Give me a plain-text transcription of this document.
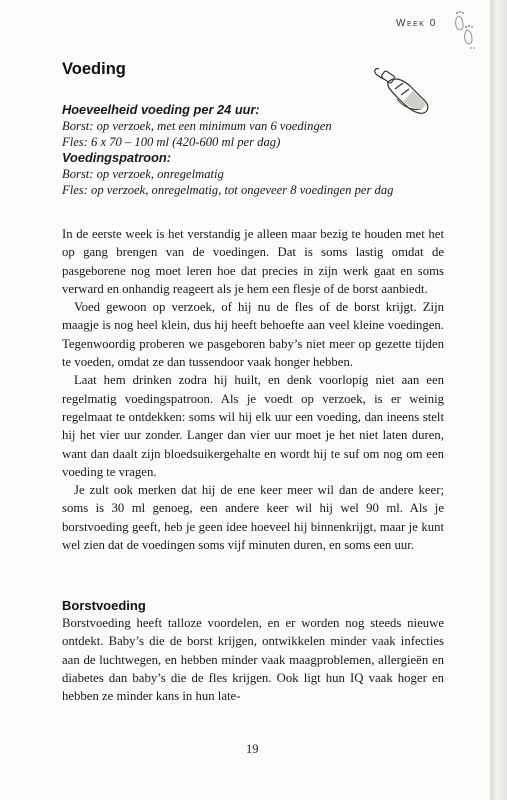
Week 0
Voeding
Hoeveelheid voeding per 24 uur:
Borst: op verzoek, met een minimum van 6 voedingen
Fles: 6 x 70 – 100 ml (420-600 ml per dag)
Voedingspatroon:
Borst: op verzoek, onregelmatig
Fles: op verzoek, onregelmatig, tot ongeveer 8 voedingen per dag

In de eerste week is het verstandig je alleen maar bezig te houden met het op gang brengen van de voedingen. Dat is soms lastig omdat de pasgeborene nog moet leren hoe dat precies in zijn werk gaat en soms verward en onhandig reageert als je hem een flesje of de borst aanbiedt.

Voed gewoon op verzoek, of hij nu de fles of de borst krijgt. Zijn maagje is nog heel klein, dus hij heeft behoefte aan veel kleine voedingen. Tegenwoordig proberen we pasgeboren baby’s niet meer op gezette tijden te voeden, omdat ze dan tussendoor vaak honger hebben.

Laat hem drinken zodra hij huilt, en denk voorlopig niet aan een regelmatig voedingspatroon. Als je voedt op verzoek, is er weinig regelmaat te ontdekken: soms wil hij elk uur een voeding, dan ineens stelt hij het vier uur zonder. Langer dan vier uur moet je het niet laten duren, want dan daalt zijn bloedsuikergehalte en wordt hij te suf om nog om een voeding te vragen.

Je zult ook merken dat hij de ene keer meer wil dan de andere keer; soms is 30 ml genoeg, een andere keer wil hij wel 90 ml. Als je borstvoeding geeft, heb je geen idee hoeveel hij binnenkrijgt, maar je kunt wel zien dat de voedingen soms vijf minuten duren, en soms een uur.

Borstvoeding

Borstvoeding heeft talloze voordelen, en er worden nog steeds nieuwe ontdekt. Baby’s die de borst krijgen, ontwikkelen minder vaak infecties aan de luchtwegen, en hebben minder vaak maagproblemen, allergieën en diabetes dan baby’s die de fles krijgen. Ook ligt hun IQ vaak hoger en hebben ze minder kans in hun late-

19
